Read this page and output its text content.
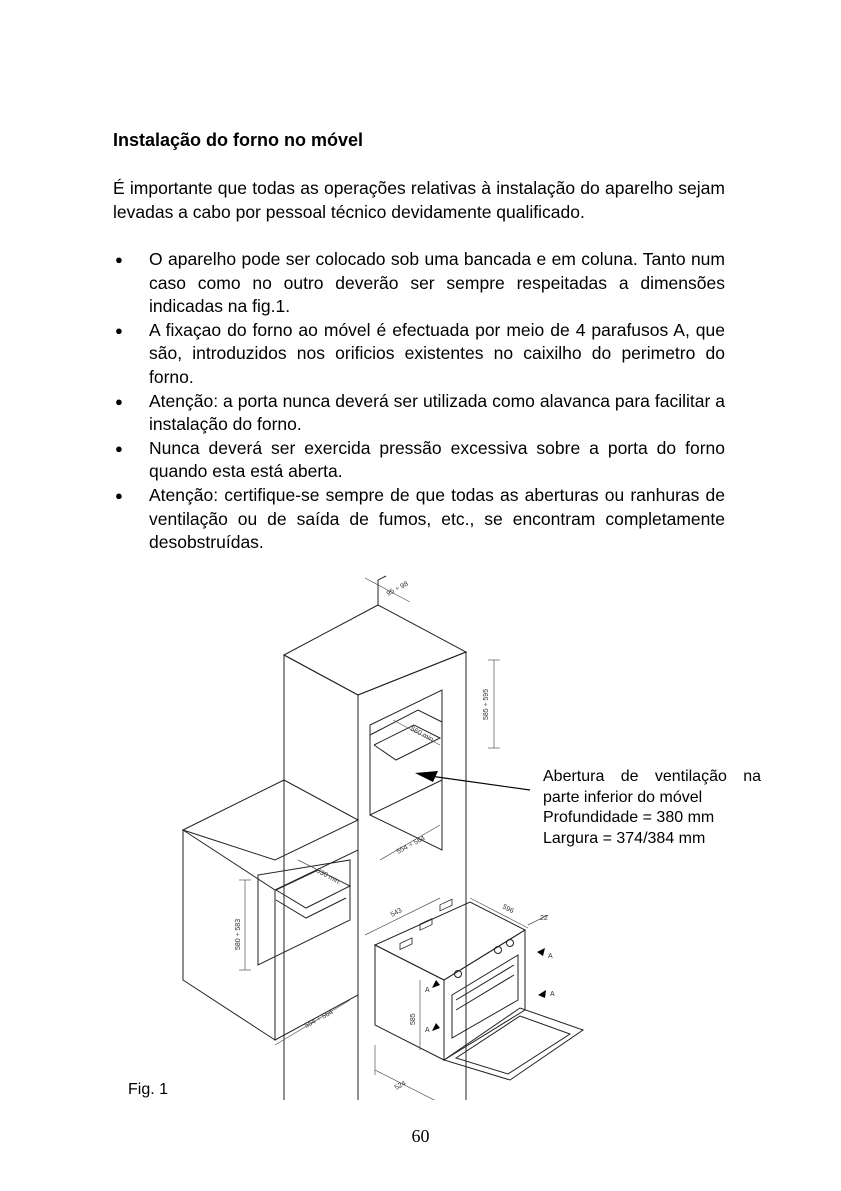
Instalação do forno no móvel
É importante que todas as operações relativas à instalação do aparelho sejam levadas a cabo por pessoal técnico devidamente qualificado.
● O aparelho pode ser colocado sob uma bancada e em coluna. Tanto num caso como no outro deverão ser sempre respeitadas a dimensões indicadas na fig.1.
● A fixaçao do forno ao móvel é efectuada por meio de 4 parafusos A, que são, introduzidos nos orificios existentes no caixilho do perimetro do forno.
● Atenção: a porta nunca deverá ser utilizada como alavanca para facilitar a instalação do forno.
● Nunca deverá ser exercida pressão excessiva sobre a porta do forno quando esta está aberta.
● Atenção: certifique-se sempre de que todas as aberturas ou ranhuras de ventilação ou de saída de fumos, etc., se encontram completamente desobstruídas.
95 ÷ 98
585 ÷ 595
560 min.
554 ÷ 564
530 min.
580 ÷ 583
554 ÷ 564
543	596
22
585
524
A
A
A
A
Abertura de ventilação na
parte inferior do móvel
Profundidade = 380 mm
Largura = 374/384 mm
Fig. 1
60
